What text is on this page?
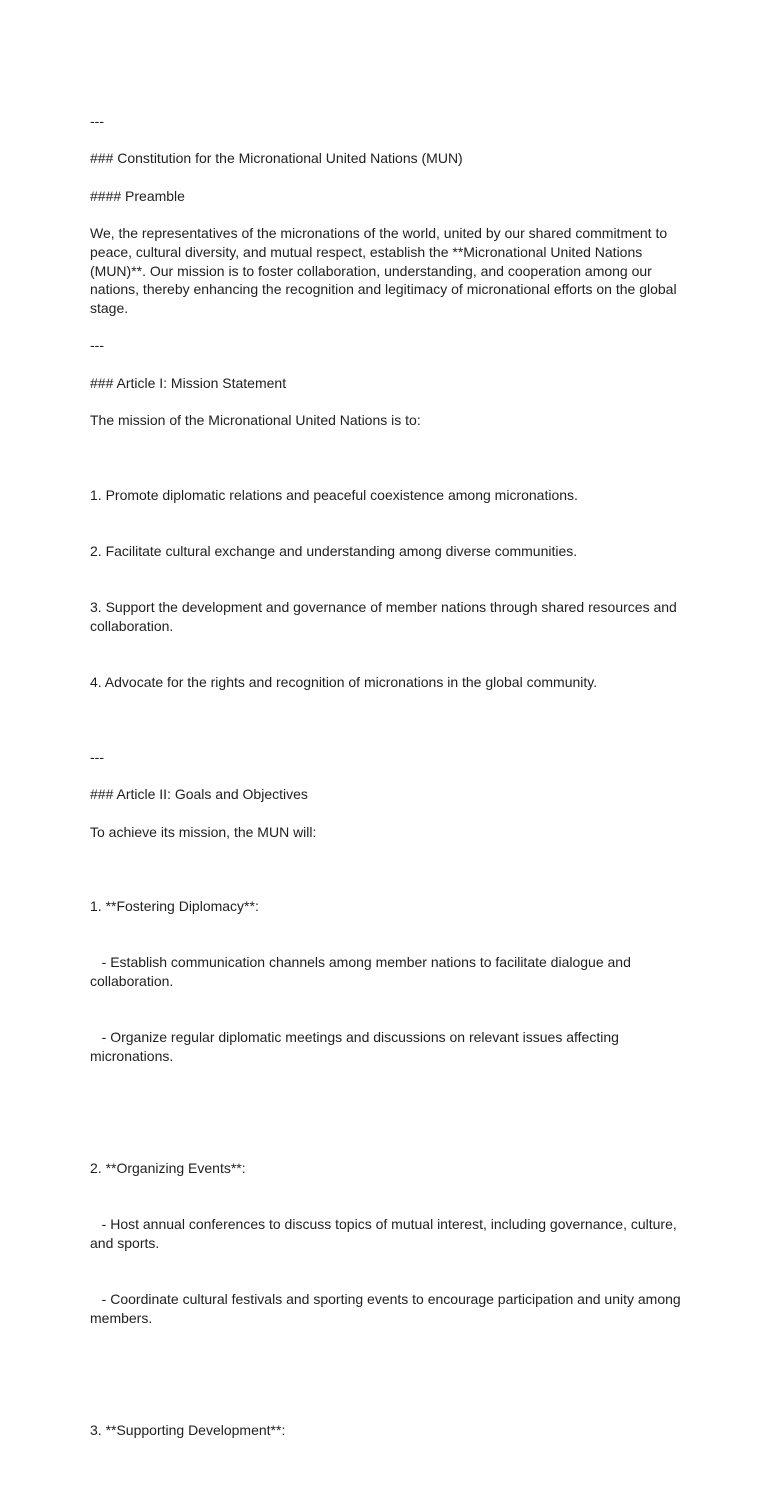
---
### Constitution for the Micronational United Nations (MUN)
#### Preamble
We, the representatives of the micronations of the world, united by our shared commitment to peace, cultural diversity, and mutual respect, establish the **Micronational United Nations (MUN)**. Our mission is to foster collaboration, understanding, and cooperation among our nations, thereby enhancing the recognition and legitimacy of micronational efforts on the global stage.
---
### Article I: Mission Statement
The mission of the Micronational United Nations is to:

1. Promote diplomatic relations and peaceful coexistence among micronations.

2. Facilitate cultural exchange and understanding among diverse communities.

3. Support the development and governance of member nations through shared resources and collaboration.

4. Advocate for the rights and recognition of micronations in the global community.

---
### Article II: Goals and Objectives
To achieve its mission, the MUN will:

1. **Fostering Diplomacy**:

- Establish communication channels among member nations to facilitate dialogue and collaboration.

- Organize regular diplomatic meetings and discussions on relevant issues affecting micronations.

2. **Organizing Events**:

- Host annual conferences to discuss topics of mutual interest, including governance, culture, and sports.

- Coordinate cultural festivals and sporting events to encourage participation and unity among members.

3. **Supporting Development**:
